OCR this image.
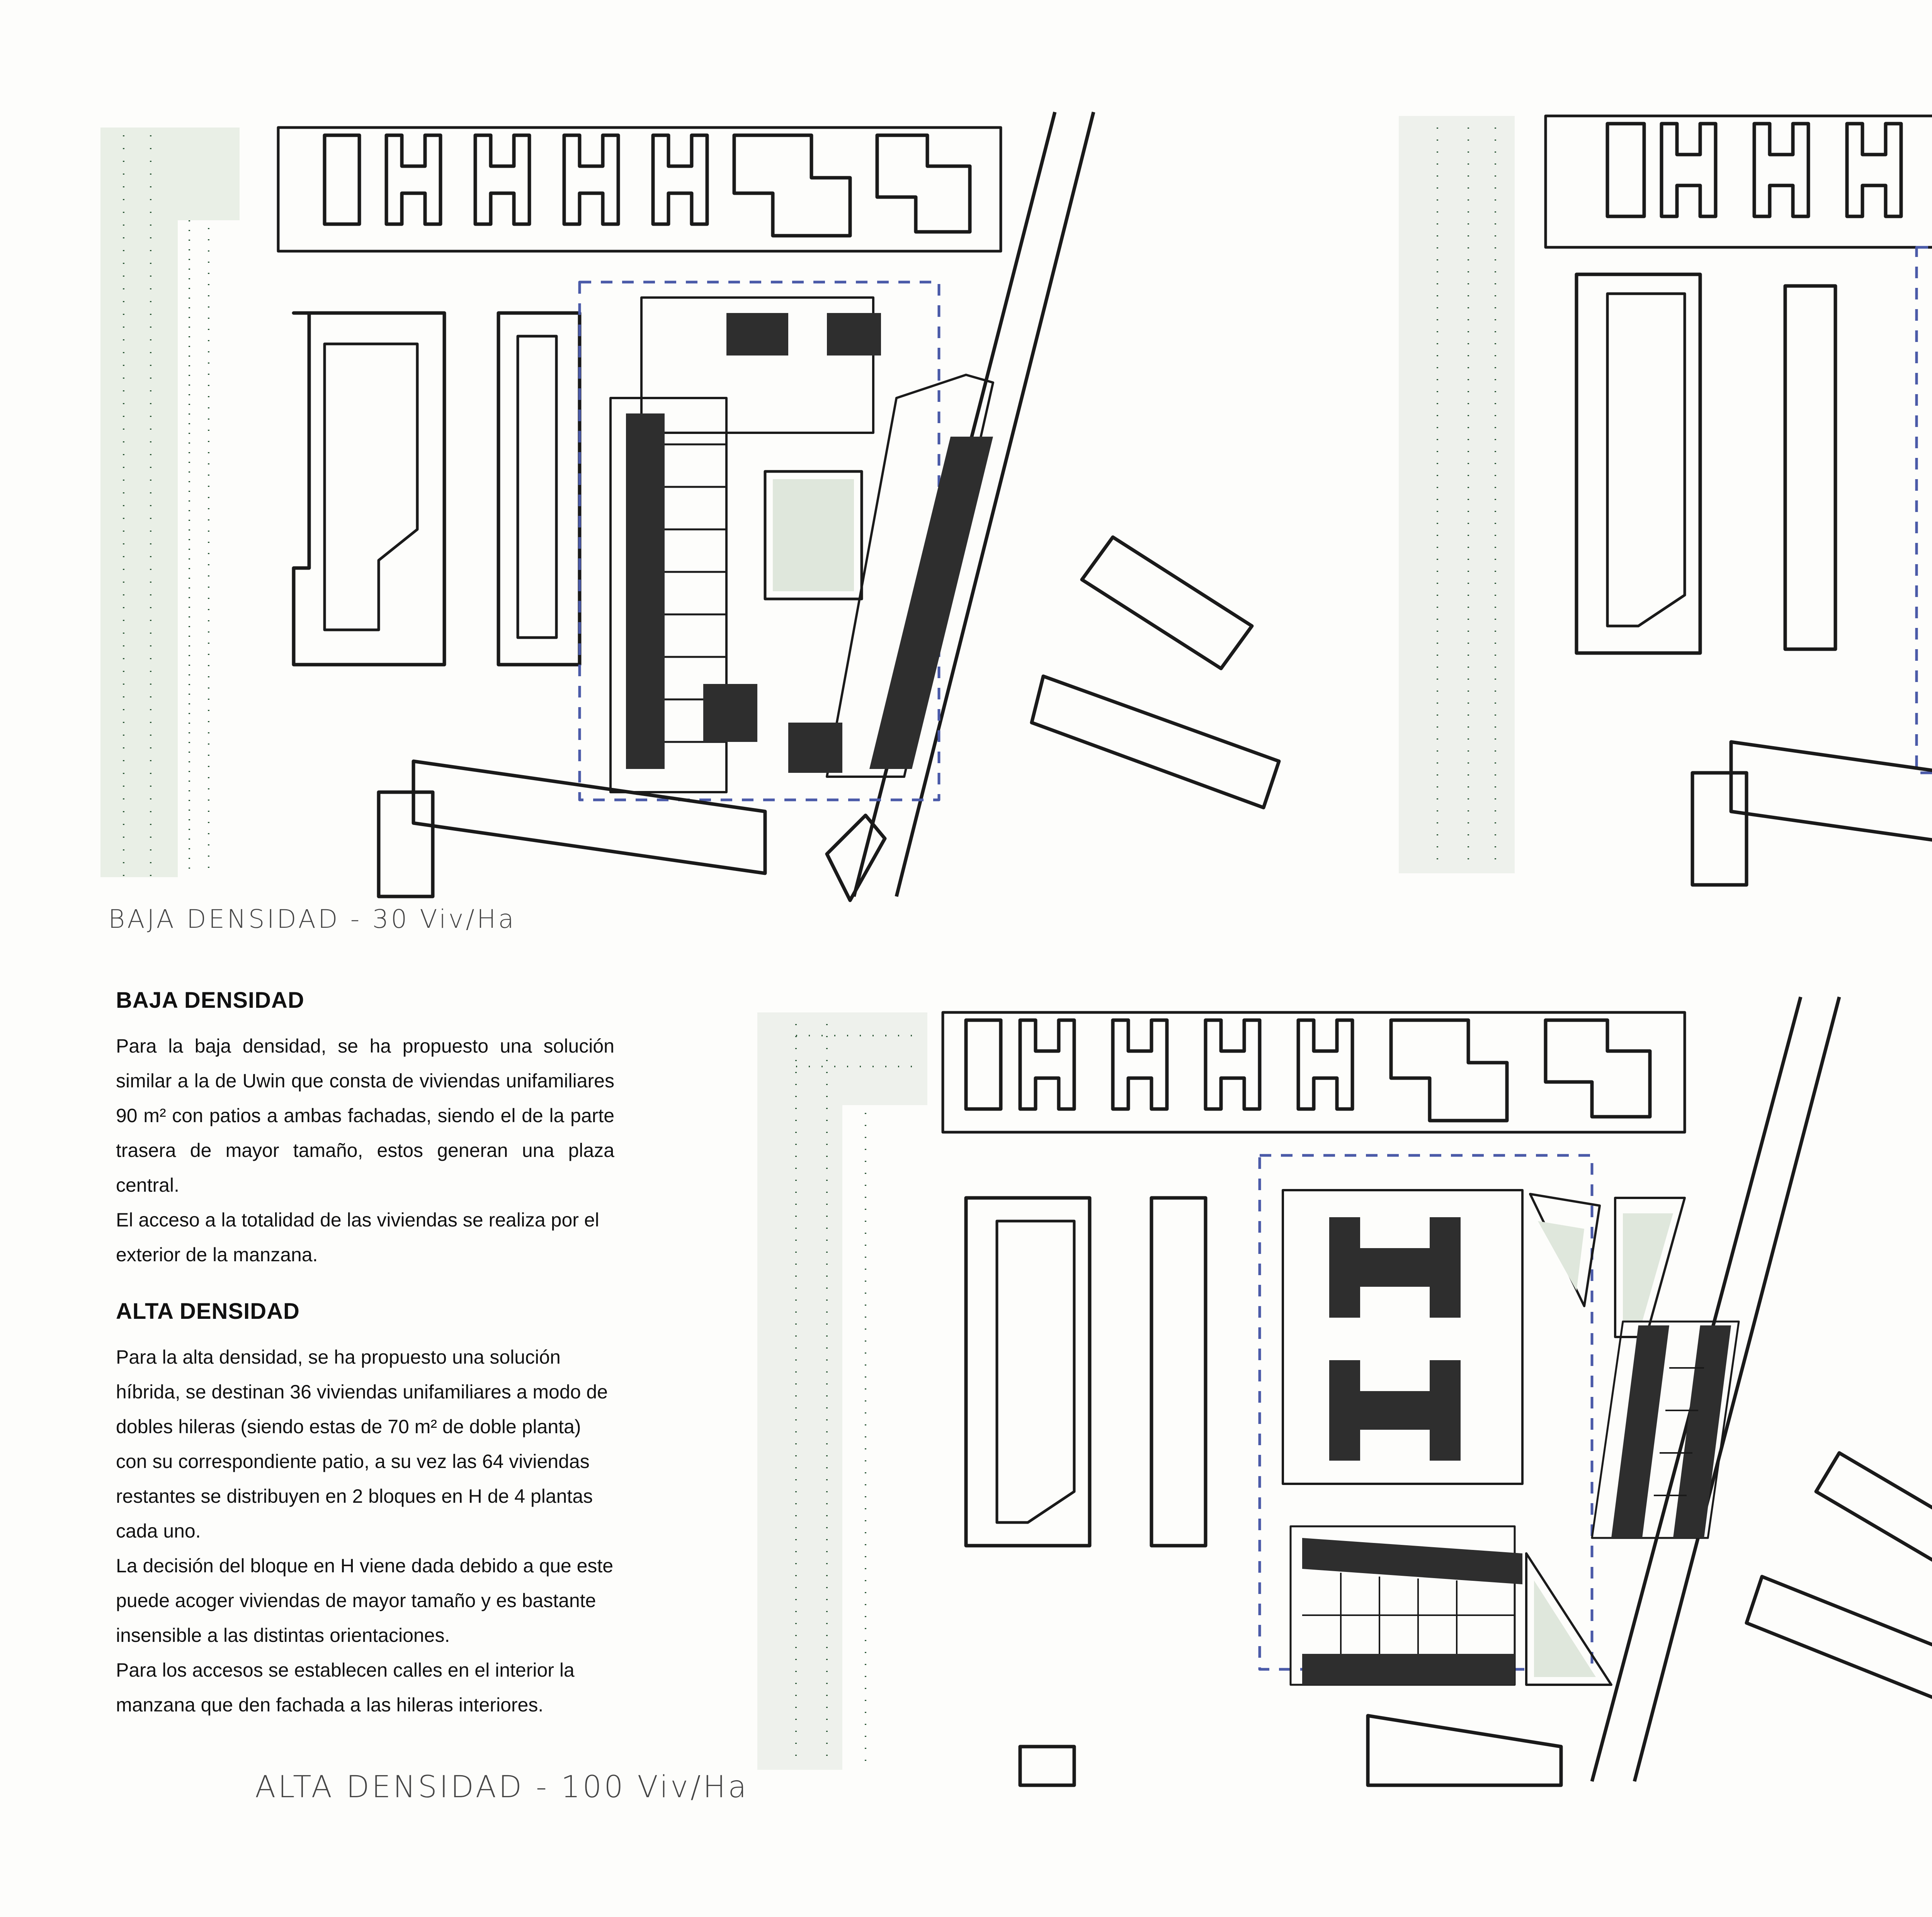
BAJA DENSIDAD - 30 Viv/Ha
ALTA DENSIDAD - 100 Viv/Ha
BAJA DENSIDAD

Para la baja densidad, se ha propuesto una solución similar a la de Uwin que consta de viviendas unifamiliares 90 m² con patios a ambas fachadas, siendo el de la parte trasera de mayor tamaño, estos generan una plaza central.

El acceso a la totalidad de las viviendas se realiza por el exterior de la manzana.

ALTA DENSIDAD

Para la alta densidad, se ha propuesto una solución híbrida, se destinan 36 viviendas unifamiliares a modo de dobles hileras (siendo estas de 70 m² de doble planta) con su correspondiente patio, a su vez las 64 viviendas restantes se distribuyen en 2 bloques en H de 4 plantas cada uno.

La decisión del bloque en H viene dada debido a que este puede acoger viviendas de mayor tamaño y es bastante insensible a las distintas orientaciones.

Para los accesos se establecen calles en el interior la manzana que den fachada a las hileras interiores.
